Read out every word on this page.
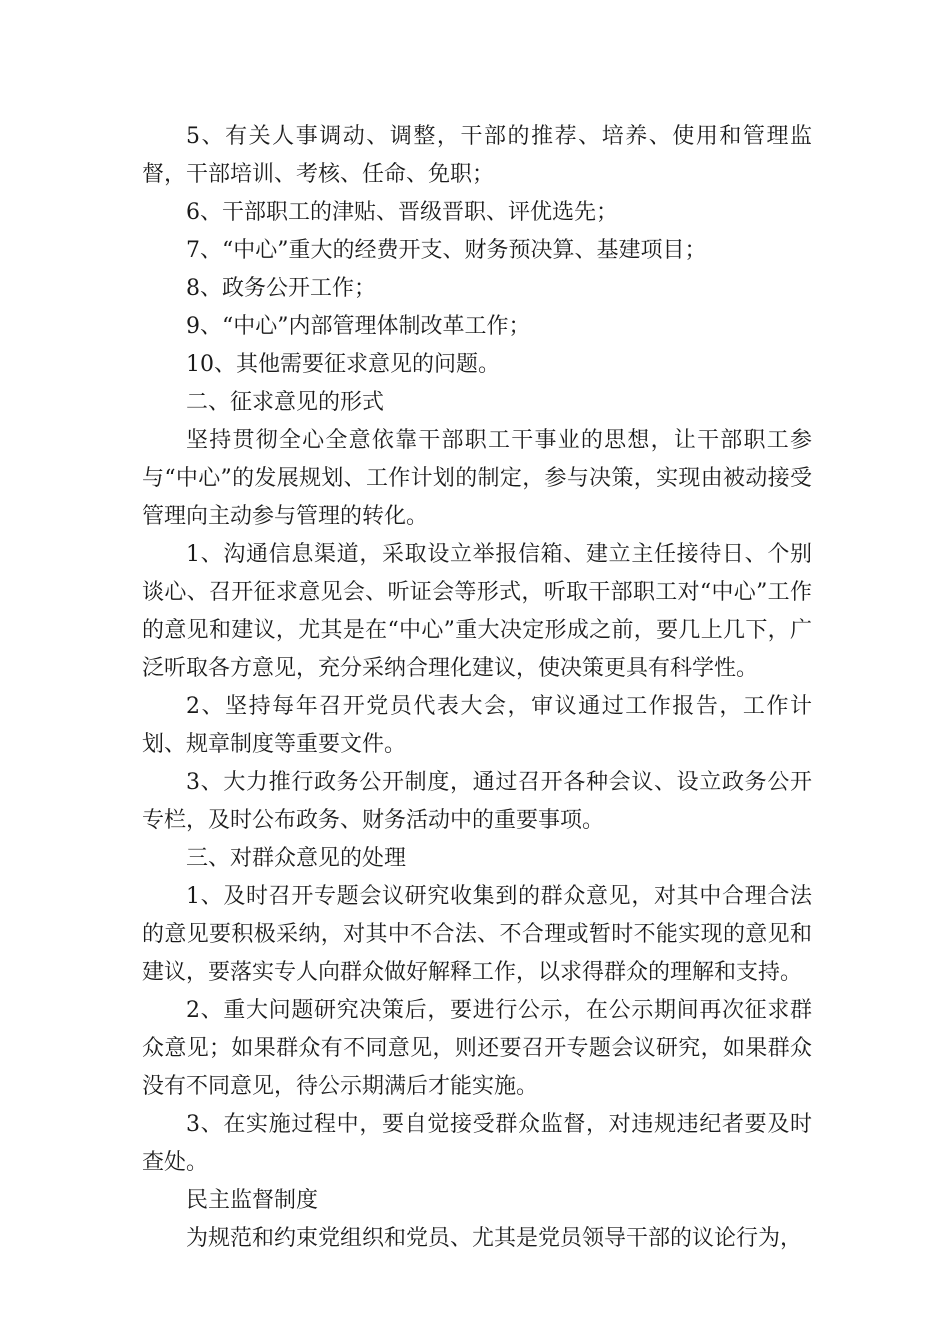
5、有关人事调动、调整，干部的推荐、培养、使用和管理监督，干部培训、考核、任命、免职；

6、干部职工的津贴、晋级晋职、评优选先；

7、“中心”重大的经费开支、财务预决算、基建项目；

8、政务公开工作；

9、“中心”内部管理体制改革工作；

10、其他需要征求意见的问题。

二、征求意见的形式

坚持贯彻全心全意依靠干部职工干事业的思想，让干部职工参与“中心”的发展规划、工作计划的制定，参与决策，实现由被动接受管理向主动参与管理的转化。

1、沟通信息渠道，采取设立举报信箱、建立主任接待日、个别谈心、召开征求意见会、听证会等形式，听取干部职工对“中心”工作的意见和建议，尤其是在“中心”重大决定形成之前，要几上几下，广泛听取各方意见，充分采纳合理化建议，使决策更具有科学性。

2、坚持每年召开党员代表大会，审议通过工作报告，工作计划、规章制度等重要文件。

3、大力推行政务公开制度，通过召开各种会议、设立政务公开专栏，及时公布政务、财务活动中的重要事项。

三、对群众意见的处理

1、及时召开专题会议研究收集到的群众意见，对其中合理合法的意见要积极采纳，对其中不合法、不合理或暂时不能实现的意见和建议，要落实专人向群众做好解释工作，以求得群众的理解和支持。

2、重大问题研究决策后，要进行公示，在公示期间再次征求群众意见；如果群众有不同意见，则还要召开专题会议研究，如果群众没有不同意见，待公示期满后才能实施。

3、在实施过程中，要自觉接受群众监督，对违规违纪者要及时查处。

民主监督制度

为规范和约束党组织和党员、尤其是党员领导干部的议论行为，
